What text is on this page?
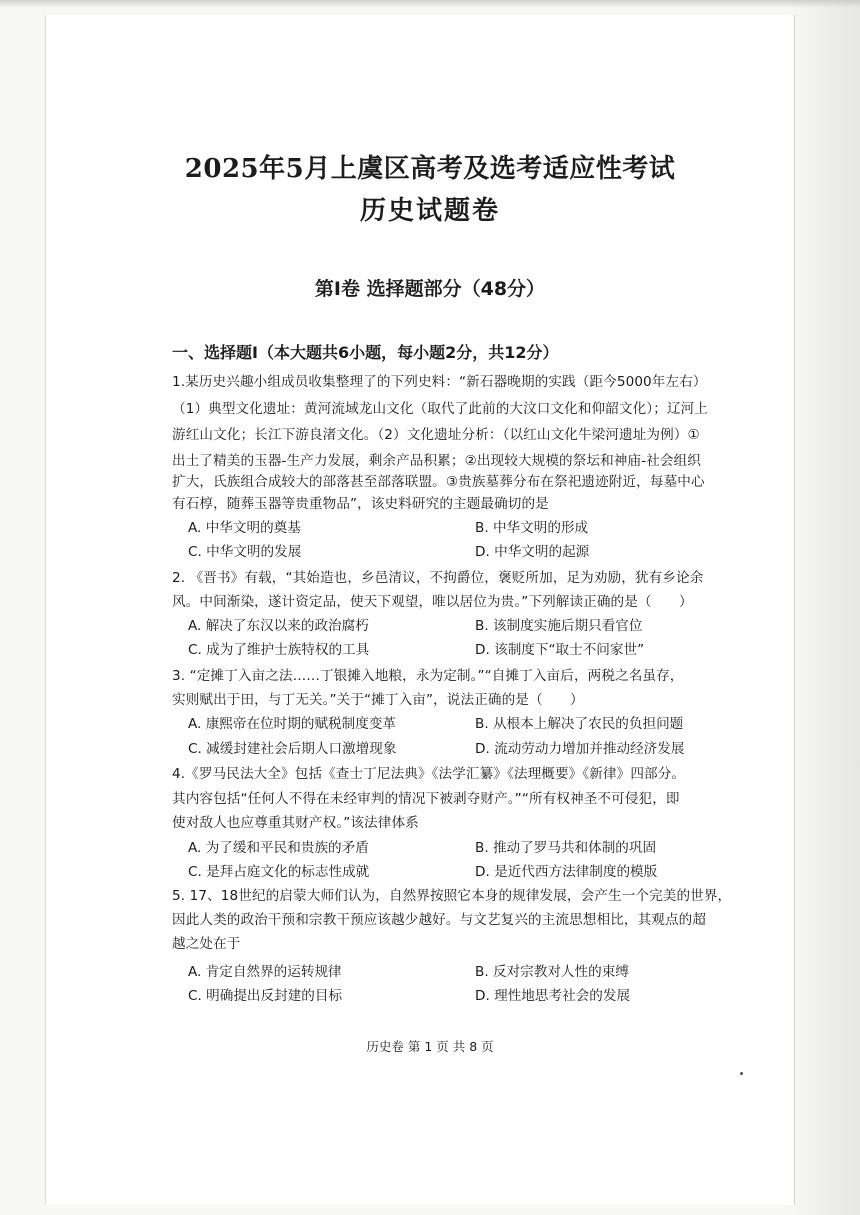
2025年5月上虞区高考及选考适应性考试
历史试题卷
第Ⅰ卷 选择题部分（48分）
一、选择题Ⅰ（本大题共6小题，每小题2分，共12分）
1.某历史兴趣小组成员收集整理了的下列史料：“新石器晚期的实践（距今5000年左右）
（1）典型文化遗址：黄河流域龙山文化（取代了此前的大汶口文化和仰韶文化）；辽河上
游红山文化；长江下游良渚文化。（2）文化遗址分析：（以红山文化牛梁河遗址为例）①
出土了精美的玉器-生产力发展，剩余产品积累；②出现较大规模的祭坛和神庙-社会组织
扩大，氏族组合成较大的部落甚至部落联盟。③贵族墓葬分布在祭祀遗迹附近，每墓中心
有石椁，随葬玉器等贵重物品”，该史料研究的主题最确切的是
A. 中华文明的奠基	B. 中华文明的形成
C. 中华文明的发展	D. 中华文明的起源
2. 《晋书》有载，“其始造也，乡邑清议，不拘爵位，褒贬所加，足为劝励，犹有乡论余
风。中间渐染，遂计资定品，使天下观望，唯以居位为贵。”下列解读正确的是（　　）
A. 解决了东汉以来的政治腐朽	B. 该制度实施后期只看官位
C. 成为了维护士族特权的工具	D. 该制度下“取士不问家世”
3. “定摊丁入亩之法……丁银摊入地粮，永为定制。”“自摊丁入亩后，两税之名虽存，
实则赋出于田，与丁无关。”关于“摊丁入亩”，说法正确的是（　　）
A. 康熙帝在位时期的赋税制度变革	B. 从根本上解决了农民的负担问题
C. 减缓封建社会后期人口激增现象	D. 流动劳动力增加并推动经济发展
4.《罗马民法大全》包括《查士丁尼法典》《法学汇纂》《法理概要》《新律》四部分。
其内容包括“任何人不得在未经审判的情况下被剥夺财产。”“所有权神圣不可侵犯，即
使对敌人也应尊重其财产权。”该法律体系
A. 为了缓和平民和贵族的矛盾	B. 推动了罗马共和体制的巩固
C. 是拜占庭文化的标志性成就	D. 是近代西方法律制度的模版
5. 17、18世纪的启蒙大师们认为，自然界按照它本身的规律发展，会产生一个完美的世界，
因此人类的政治干预和宗教干预应该越少越好。与文艺复兴的主流思想相比，其观点的超
越之处在于
A. 肯定自然界的运转规律	B. 反对宗教对人性的束缚
C. 明确提出反封建的目标	D. 理性地思考社会的发展
历史卷 第 1 页 共 8 页
